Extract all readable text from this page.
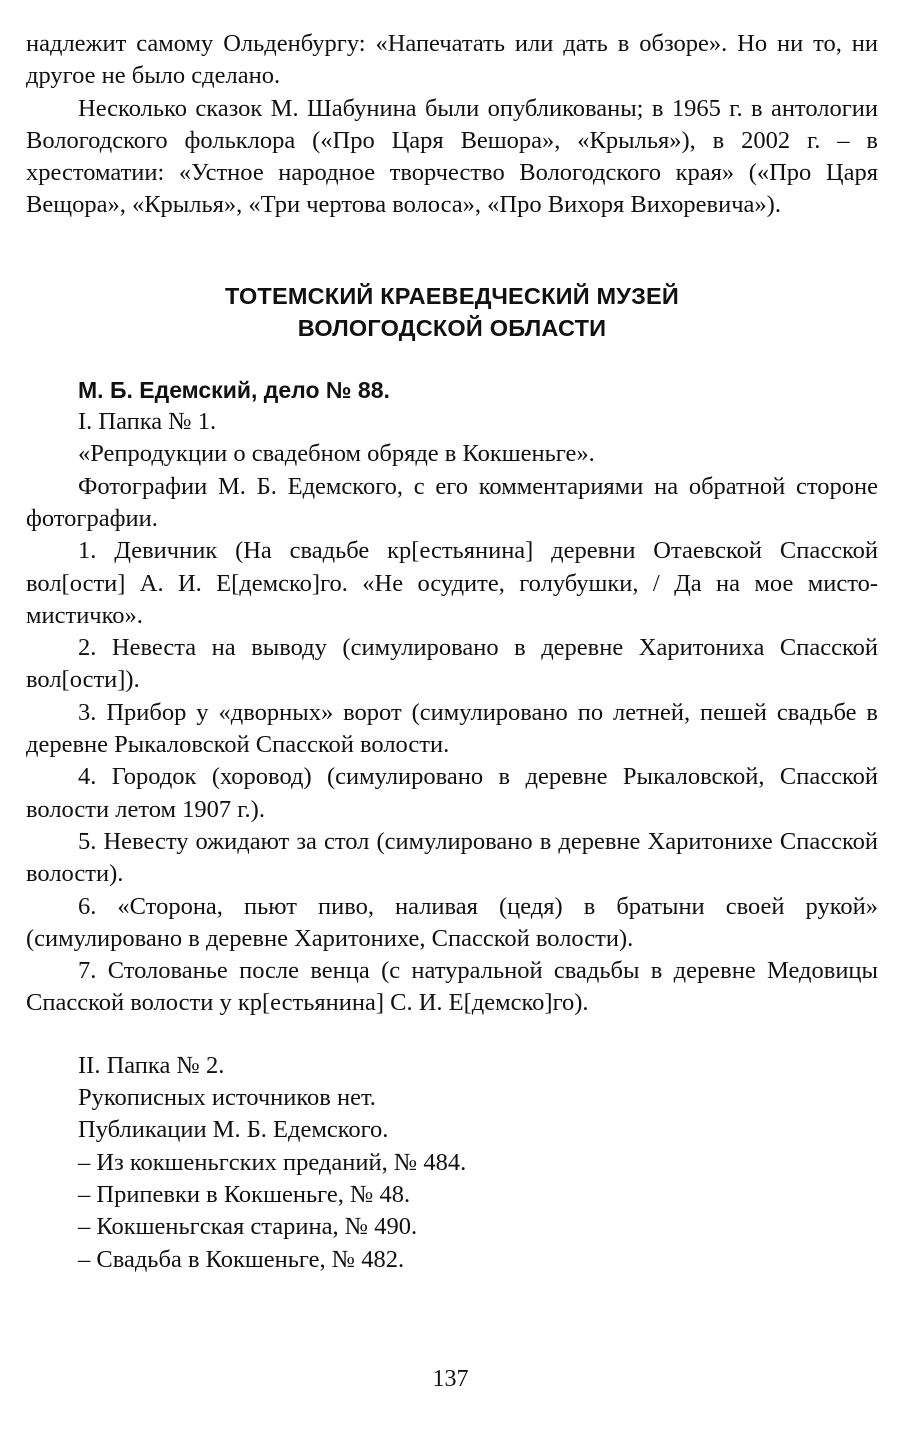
надлежит самому Ольденбургу: «Напечатать или дать в обзоре». Но ни то, ни другое не было сделано.

Несколько сказок М. Шабунина были опубликованы; в 1965 г. в антологии Вологодского фольклора («Про Царя Вешора», «Крылья»), в 2002 г. – в хрестоматии: «Устное народное творчество Вологодского края» («Про Царя Вещора», «Крылья», «Три чертова волоса», «Про Вихоря Вихоревича»).

ТОТЕМСКИЙ КРАЕВЕДЧЕСКИЙ МУЗЕЙ

ВОЛОГОДСКОЙ ОБЛАСТИ

М. Б. Едемский, дело № 88.

I. Папка № 1.

«Репродукции о свадебном обряде в Кокшеньге».

Фотографии М. Б. Едемского, с его комментариями на обратной стороне фотографии.

1. Девичник (На свадьбе кр[естьянина] деревни Отаевской Спасской вол[ости] А. И. Е[демско]го. «Не осудите, голубушки, / Да на мое мисто-мистичко».

2. Невеста на выводу (симулировано в деревне Харитониха Спасской вол[ости]).

3. Прибор у «дворных» ворот (симулировано по летней, пешей свадьбе в деревне Рыкаловской Спасской волости.

4. Городок (хоровод) (симулировано в деревне Рыкаловской, Спасской волости летом 1907 г.).

5. Невесту ожидают за стол (симулировано в деревне Харитонихе Спасской волости).

6. «Сторона, пьют пиво, наливая (цедя) в братыни своей рукой» (симулировано в деревне Харитонихе, Спасской волости).

7. Столованье после венца (с натуральной свадьбы в деревне Медовицы Спасской волости у кр[естьянина] С. И. Е[демско]го).

II. Папка № 2.

Рукописных источников нет.

Публикации М. Б. Едемского.

– Из кокшеньгских преданий, № 484.

– Припевки в Кокшеньге, № 48.

– Кокшеньгская старина, № 490.

– Свадьба в Кокшеньге, № 482.

137
